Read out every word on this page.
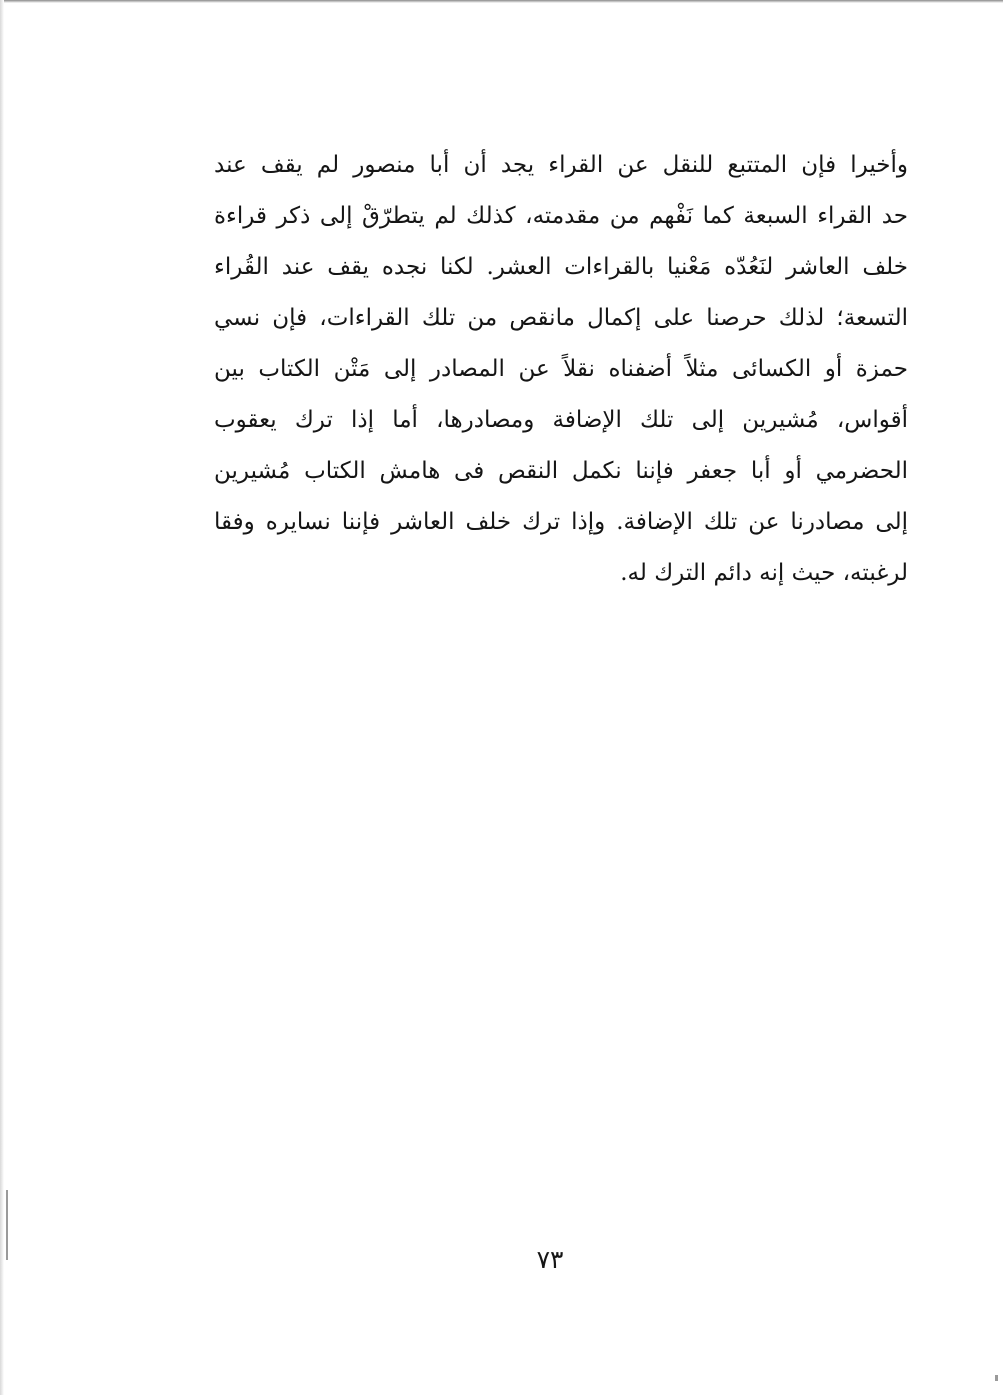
وأخيرا فإن المتتبع للنقل عن القراء يجد أن أبا منصور لم يقف عند
حد القراء السبعة كما نَفْهم من مقدمته، كذلك لم يتطرّقْ إلى ذكر قراءة
خلف العاشر لنَعُدّه مَعْنيا بالقراءات العشر. لكنا نجده يقف عند القُراء
التسعة؛ لذلك حرصنا على إكمال مانقص من تلك القراءات، فإن نسي
حمزة أو الكسائى مثلاً أضفناه نقلاً عن المصادر إلى مَتْن الكتاب بين
أقواس، مُشيرين إلى تلك الإضافة ومصادرها، أما إذا ترك يعقوب
الحضرمي أو أبا جعفر فإننا نكمل النقص فى هامش الكتاب مُشيرين
إلى مصادرنا عن تلك الإضافة. وإذا ترك خلف العاشر فإننا نسايره وفقا
لرغبته، حيث إنه دائم الترك له.
٧٣
